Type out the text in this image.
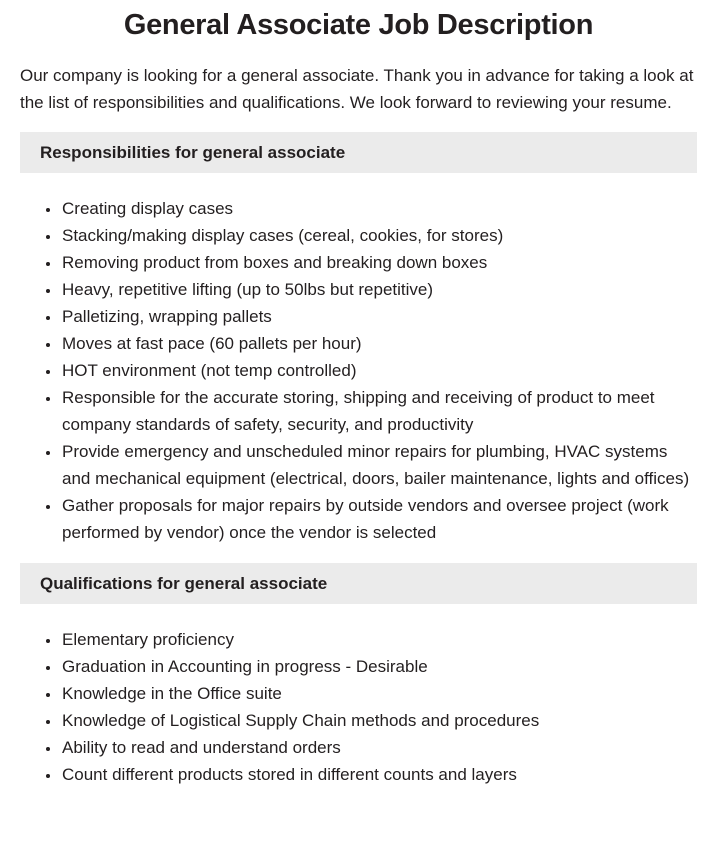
General Associate Job Description

Our company is looking for a general associate. Thank you in advance for taking a look at the list of responsibilities and qualifications. We look forward to reviewing your resume.

Responsibilities for general associate
• Creating display cases
• Stacking/making display cases (cereal, cookies, for stores)
• Removing product from boxes and breaking down boxes
• Heavy, repetitive lifting (up to 50lbs but repetitive)
• Palletizing, wrapping pallets
• Moves at fast pace (60 pallets per hour)
• HOT environment (not temp controlled)
• Responsible for the accurate storing, shipping and receiving of product to meet company standards of safety, security, and productivity
• Provide emergency and unscheduled minor repairs for plumbing, HVAC systems and mechanical equipment (electrical, doors, bailer maintenance, lights and offices)
• Gather proposals for major repairs by outside vendors and oversee project (work performed by vendor) once the vendor is selected
Qualifications for general associate
• Elementary proficiency
• Graduation in Accounting in progress - Desirable
• Knowledge in the Office suite
• Knowledge of Logistical Supply Chain methods and procedures
• Ability to read and understand orders
• Count different products stored in different counts and layers
